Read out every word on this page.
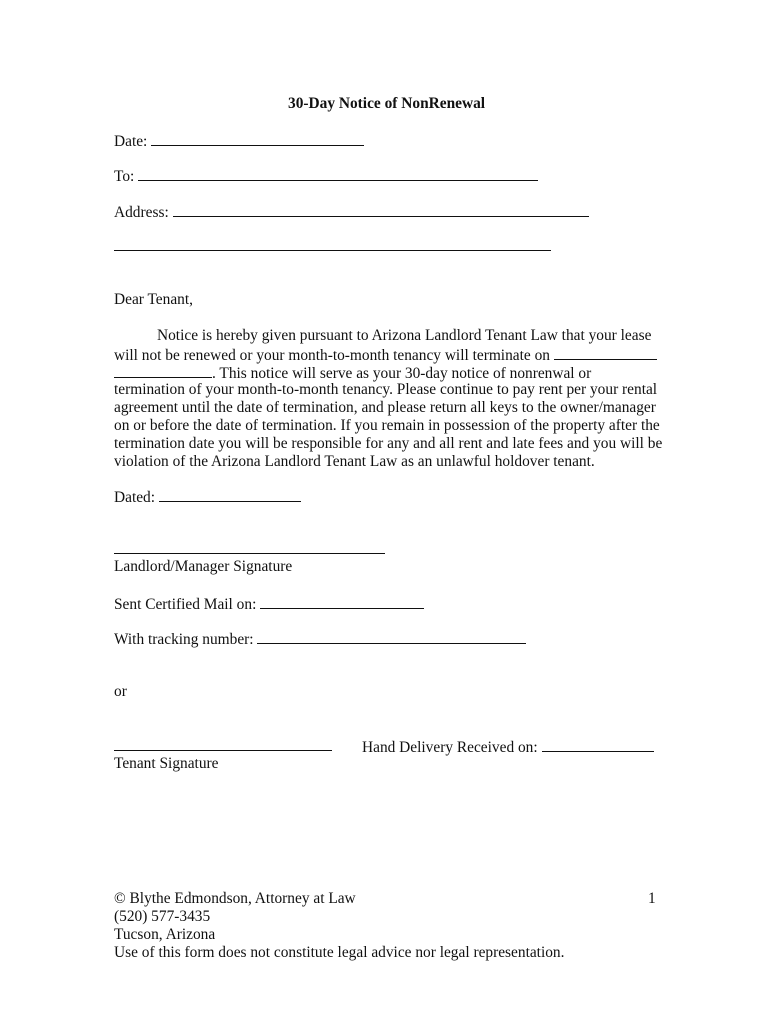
30-Day Notice of NonRenewal
Date:
To:
Address:
Dear Tenant,
Notice is hereby given pursuant to Arizona Landlord Tenant Law that your lease
will not be renewed or your month-to-month tenancy will terminate on
. This notice will serve as your 30-day notice of nonrenwal or
termination of your month-to-month tenancy. Please continue to pay rent per your rental
agreement until the date of termination, and please return all keys to the owner/manager
on or before the date of termination. If you remain in possession of the property after the
termination date you will be responsible for any and all rent and late fees and you will be
violation of the Arizona Landlord Tenant Law as an unlawful holdover tenant.
Dated:
Landlord/Manager Signature
Sent Certified Mail on:
With tracking number:
or
Hand Delivery Received on:
Tenant Signature
© Blythe Edmondson, Attorney at Law	1
(520) 577-3435
Tucson, Arizona
Use of this form does not constitute legal advice nor legal representation.
